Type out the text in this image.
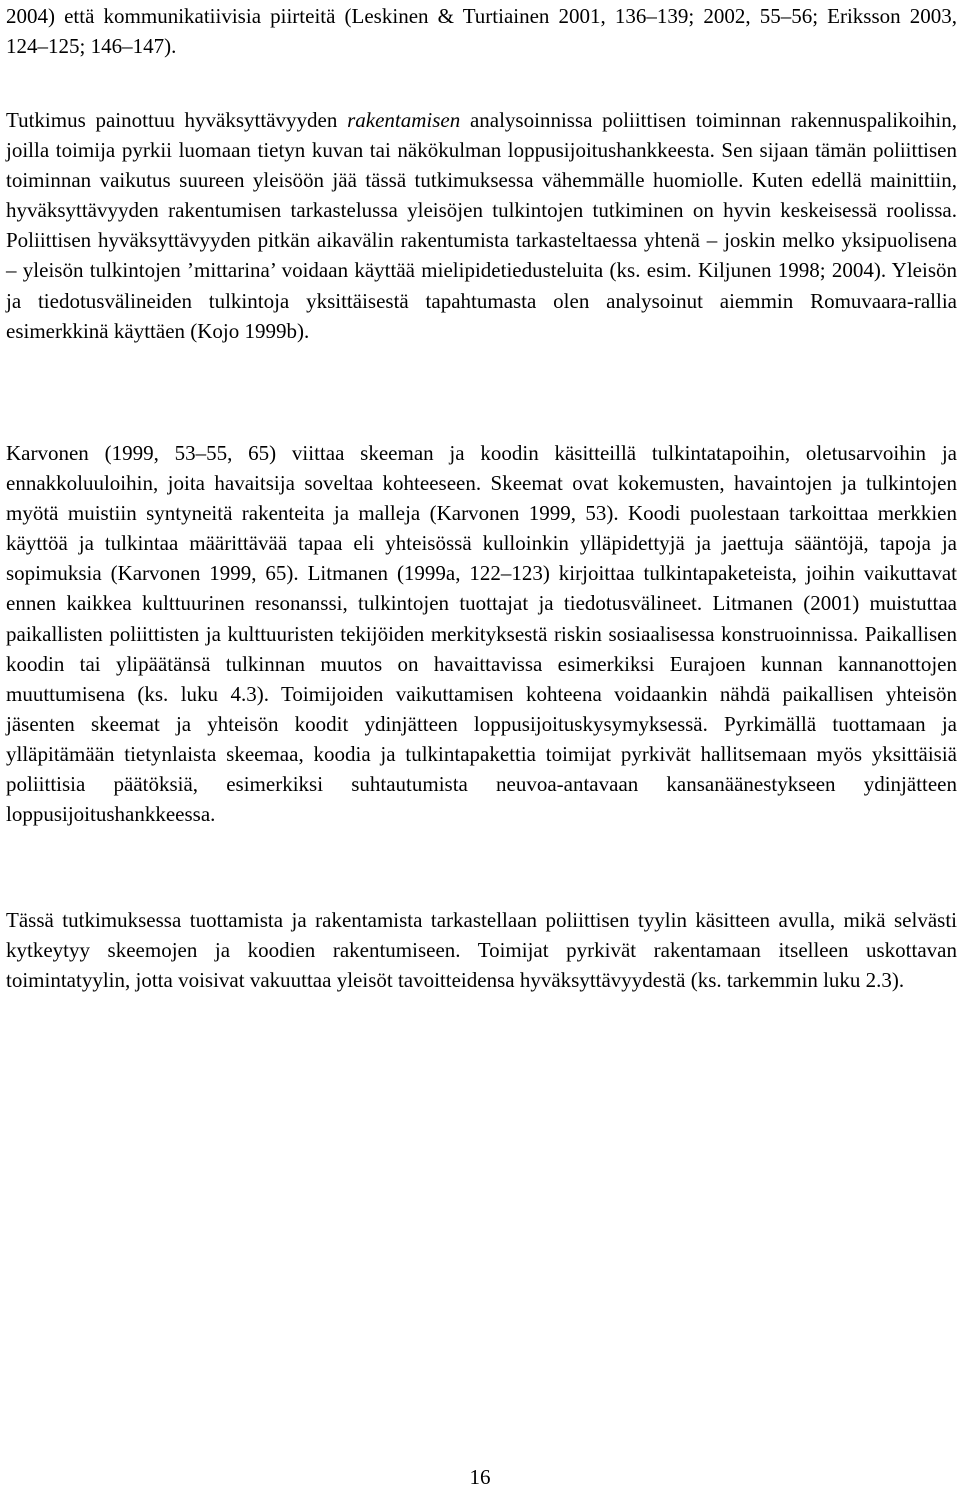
2004) että kommunikatiivisia piirteitä (Leskinen & Turtiainen 2001, 136–139; 2002, 55–56; Eriksson 2003, 124–125; 146–147).

Tutkimus painottuu hyväksyttävyyden rakentamisen analysoinnissa poliittisen toiminnan rakennuspalikoihin, joilla toimija pyrkii luomaan tietyn kuvan tai näkökulman loppusijoitushankkeesta. Sen sijaan tämän poliittisen toiminnan vaikutus suureen yleisöön jää tässä tutkimuksessa vähemmälle huomiolle. Kuten edellä mainittiin, hyväksyttävyyden rakentumisen tarkastelussa yleisöjen tulkintojen tutkiminen on hyvin keskeisessä roolissa. Poliittisen hyväksyttävyyden pitkän aikavälin rakentumista tarkasteltaessa yhtenä – joskin melko yksipuolisena – yleisön tulkintojen ’mittarina’ voidaan käyttää mielipidetiedusteluita (ks. esim. Kiljunen 1998; 2004). Yleisön ja tiedotusvälineiden tulkintoja yksittäisestä tapahtumasta olen analysoinut aiemmin Romuvaara-rallia esimerkkinä käyttäen (Kojo 1999b).

Karvonen (1999, 53–55, 65) viittaa skeeman ja koodin käsitteillä tulkintatapoihin, oletusarvoihin ja ennakkoluuloihin, joita havaitsija soveltaa kohteeseen. Skeemat ovat kokemusten, havaintojen ja tulkintojen myötä muistiin syntyneitä rakenteita ja malleja (Karvonen 1999, 53). Koodi puolestaan tarkoittaa merkkien käyttöä ja tulkintaa määrittävää tapaa eli yhteisössä kulloinkin ylläpidettyjä ja jaettuja sääntöjä, tapoja ja sopimuksia (Karvonen 1999, 65). Litmanen (1999a, 122–123) kirjoittaa tulkintapaketeista, joihin vaikuttavat ennen kaikkea kulttuurinen resonanssi, tulkintojen tuottajat ja tiedotusvälineet. Litmanen (2001) muistuttaa paikallisten poliittisten ja kulttuuristen tekijöiden merkityksestä riskin sosiaalisessa konstruoinnissa. Paikallisen koodin tai ylipäätänsä tulkinnan muutos on havaittavissa esimerkiksi Eurajoen kunnan kannanottojen muuttumisena (ks. luku 4.3). Toimijoiden vaikuttamisen kohteena voidaankin nähdä paikallisen yhteisön jäsenten skeemat ja yhteisön koodit ydinjätteen loppusijoituskysymyksessä. Pyrkimällä tuottamaan ja ylläpitämään tietynlaista skeemaa, koodia ja tulkintapakettia toimijat pyrkivät hallitsemaan myös yksittäisiä poliittisia päätöksiä, esimerkiksi suhtautumista neuvoa-antavaan kansanäänestykseen ydinjätteen loppusijoitushankkeessa.

Tässä tutkimuksessa tuottamista ja rakentamista tarkastellaan poliittisen tyylin käsitteen avulla, mikä selvästi kytkeytyy skeemojen ja koodien rakentumiseen. Toimijat pyrkivät rakentamaan itselleen uskottavan toimintatyylin, jotta voisivat vakuuttaa yleisöt tavoitteidensa hyväksyttävyydestä (ks. tarkemmin luku 2.3).

16
